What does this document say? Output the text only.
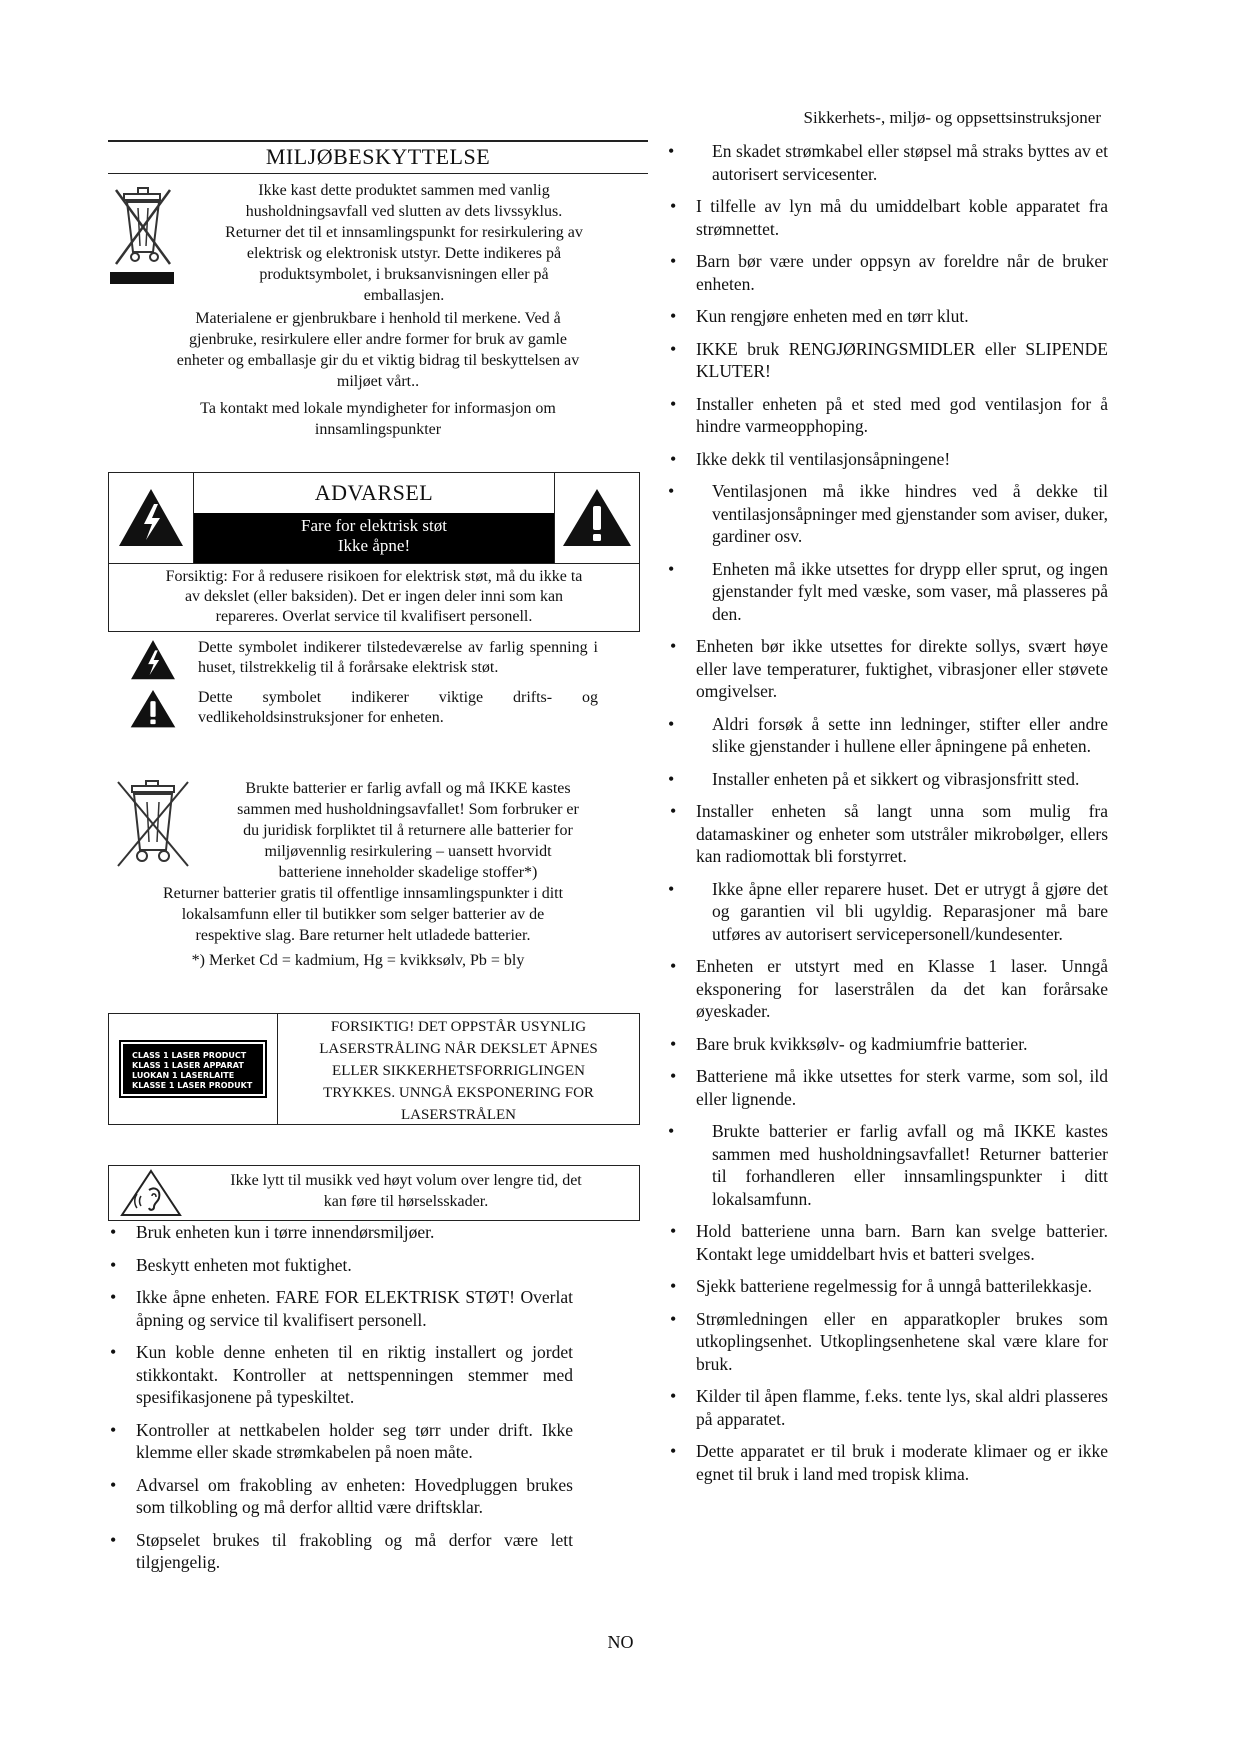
Sikkerhets-, miljø- og oppsettsinstruksjoner
MILJØBESKYTTELSE
Ikke kast dette produktet sammen med vanlig
husholdningsavfall ved slutten av dets livssyklus.
Returner det til et innsamlingspunkt for resirkulering av
elektrisk og elektronisk utstyr. Dette indikeres på
produktsymbolet, i bruksanvisningen eller på
emballasjen.
Materialene er gjenbrukbare i henhold til merkene. Ved å
gjenbruke, resirkulere eller andre former for bruk av gamle
enheter og emballasje gir du et viktig bidrag til beskyttelsen av
miljøet vårt..
Ta kontakt med lokale myndigheter for informasjon om
innsamlingspunkter
ADVARSEL
Fare for elektrisk støt
Ikke åpne!
Forsiktig: For å redusere risikoen for elektrisk støt, må du ikke ta
av dekslet (eller baksiden). Det er ingen deler inni som kan
repareres. Overlat service til kvalifisert personell.
Dette symbolet indikerer tilstedeværelse av farlig spenning i huset, tilstrekkelig til å forårsake elektrisk støt.
Dette symbolet indikerer viktige drifts- og vedlikeholdsinstruksjoner for enheten.
Brukte batterier er farlig avfall og må IKKE kastes
sammen med husholdningsavfallet! Som forbruker er
du juridisk forpliktet til å returnere alle batterier for
miljøvennlig resirkulering – uansett hvorvidt
batteriene inneholder skadelige stoffer*)
Returner batterier gratis til offentlige innsamlingspunkter i ditt
lokalsamfunn eller til butikker som selger batterier av de
respektive slag. Bare returner helt utladede batterier.
*) Merket Cd = kadmium, Hg = kvikksølv, Pb = bly
CLASS 1 LASER PRODUCT
KLASS 1 LASER APPARAT
LUOKAN 1 LASERLAITE
KLASSE 1 LASER PRODUKT
FORSIKTIG! DET OPPSTÅR USYNLIG
LASERSTRÅLING NÅR DEKSLET ÅPNES
ELLER SIKKERHETSFORRIGLINGEN
TRYKKES. UNNGÅ EKSPONERING FOR
LASERSTRÅLEN
Ikke lytt til musikk ved høyt volum over lengre tid, det
kan føre til hørselsskader.
• Bruk enheten kun i tørre innendørsmiljøer.
• Beskytt enheten mot fuktighet.
• Ikke åpne enheten. FARE FOR ELEKTRISK STØT! Overlat åpning og service til kvalifisert personell.
• Kun koble denne enheten til en riktig installert og jordet stikkontakt. Kontroller at nettspenningen stemmer med spesifikasjonene på typeskiltet.
• Kontroller at nettkabelen holder seg tørr under drift. Ikke klemme eller skade strømkabelen på noen måte.
• Advarsel om frakobling av enheten: Hovedpluggen brukes som tilkobling og må derfor alltid være driftsklar.
• Støpselet brukes til frakobling og må derfor være lett tilgjengelig.
• En skadet strømkabel eller støpsel må straks byttes av et autorisert servicesenter.
• I tilfelle av lyn må du umiddelbart koble apparatet fra strømnettet.
• Barn bør være under oppsyn av foreldre når de bruker enheten.
• Kun rengjøre enheten med en tørr klut.
• IKKE bruk RENGJØRINGSMIDLER eller SLIPENDE KLUTER!
• Installer enheten på et sted med god ventilasjon for å hindre varmeopphoping.
• Ikke dekk til ventilasjonsåpningene!
• Ventilasjonen må ikke hindres ved å dekke til ventilasjonsåpninger med gjenstander som aviser, duker, gardiner osv.
• Enheten må ikke utsettes for drypp eller sprut, og ingen gjenstander fylt med væske, som vaser, må plasseres på den.
• Enheten bør ikke utsettes for direkte sollys, svært høye eller lave temperaturer, fuktighet, vibrasjoner eller støvete omgivelser.
• Aldri forsøk å sette inn ledninger, stifter eller andre slike gjenstander i hullene eller åpningene på enheten.
• Installer enheten på et sikkert og vibrasjonsfritt sted.
• Installer enheten så langt unna som mulig fra datamaskiner og enheter som utstråler mikrobølger, ellers kan radiomottak bli forstyrret.
• Ikke åpne eller reparere huset. Det er utrygt å gjøre det og garantien vil bli ugyldig. Reparasjoner må bare utføres av autorisert servicepersonell/kundesenter.
• Enheten er utstyrt med en Klasse 1 laser. Unngå eksponering for laserstrålen da det kan forårsake øyeskader.
• Bare bruk kvikksølv- og kadmiumfrie batterier.
• Batteriene må ikke utsettes for sterk varme, som sol, ild eller lignende.
• Brukte batterier er farlig avfall og må IKKE kastes sammen med husholdningsavfallet! Returner batterier til forhandleren eller innsamlingspunkter i ditt lokalsamfunn.
• Hold batteriene unna barn. Barn kan svelge batterier. Kontakt lege umiddelbart hvis et batteri svelges.
• Sjekk batteriene regelmessig for å unngå batterilekkasje.
• Strømledningen eller en apparatkopler brukes som utkoplingsenhet. Utkoplingsenhetene skal være klare for bruk.
• Kilder til åpen flamme, f.eks. tente lys, skal aldri plasseres på apparatet.
• Dette apparatet er til bruk i moderate klimaer og er ikke egnet til bruk i land med tropisk klima.
NO
